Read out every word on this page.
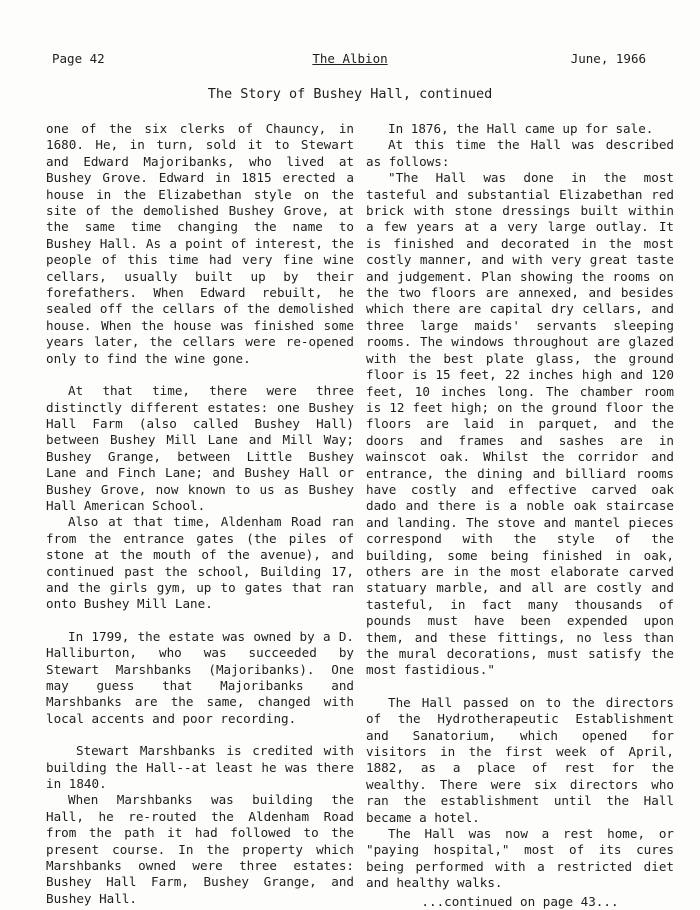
Page 42	The Albion	June, 1966
The Story of Bushey Hall, continued

one of the six clerks of Chauncy, in 1680. He, in turn, sold it to Stewart and Edward Majoribanks, who lived at Bushey Grove. Edward in 1815 erected a house in the Elizabethan style on the site of the demolished Bushey Grove, at the same time changing the name to Bushey Hall. As a point of interest, the people of this time had very fine wine cellars, usually built up by their forefathers. When Edward rebuilt, he sealed off the cellars of the demolished house. When the house was finished some years later, the cellars were re-opened only to find the wine gone.

At that time, there were three distinctly different estates: one Bushey Hall Farm (also called Bushey Hall) between Bushey Mill Lane and Mill Way; Bushey Grange, between Little Bushey Lane and Finch Lane; and Bushey Hall or Bushey Grove, now known to us as Bushey Hall American School.

Also at that time, Aldenham Road ran from the entrance gates (the piles of stone at the mouth of the avenue), and continued past the school, Building 17, and the girls gym, up to gates that ran onto Bushey Mill Lane.

In 1799, the estate was owned by a D. Halliburton, who was succeeded by Stewart Marshbanks (Majoribanks). One may guess that Majoribanks and Marshbanks are the same, changed with local accents and poor recording.

Stewart Marshbanks is credited with building the Hall--at least he was there in 1840.

When Marshbanks was building the Hall, he re-routed the Aldenham Road from the path it had followed to the present course. In the property which Marshbanks owned were three estates: Bushey Hall Farm, Bushey Grange, and Bushey Hall.

In 1876, the Hall came up for sale.

At this time the Hall was described as follows:

"The Hall was done in the most tasteful and substantial Elizabethan red brick with stone dressings built within a few years at a very large outlay. It is finished and decorated in the most costly manner, and with very great taste and judgement. Plan showing the rooms on the two floors are annexed, and besides which there are capital dry cellars, and three large maids' servants sleeping rooms. The windows throughout are glazed with the best plate glass, the ground floor is 15 feet, 22 inches high and 120 feet, 10 inches long. The chamber room is 12 feet high; on the ground floor the floors are laid in parquet, and the doors and frames and sashes are in wainscot oak. Whilst the corridor and entrance, the dining and billiard rooms have costly and effective carved oak dado and there is a noble oak staircase and landing. The stove and mantel pieces correspond with the style of the building, some being finished in oak, others are in the most elaborate carved statuary marble, and all are costly and tasteful, in fact many thousands of pounds must have been expended upon them, and these fittings, no less than the mural decorations, must satisfy the most fastidious."

The Hall passed on to the directors of the Hydrotherapeutic Establishment and Sanatorium, which opened for visitors in the first week of April, 1882, as a place of rest for the wealthy. There were six directors who ran the establishment until the Hall became a hotel.

The Hall was now a rest home, or "paying hospital," most of its cures being performed with a restricted diet and healthy walks.

...continued on page 43...
